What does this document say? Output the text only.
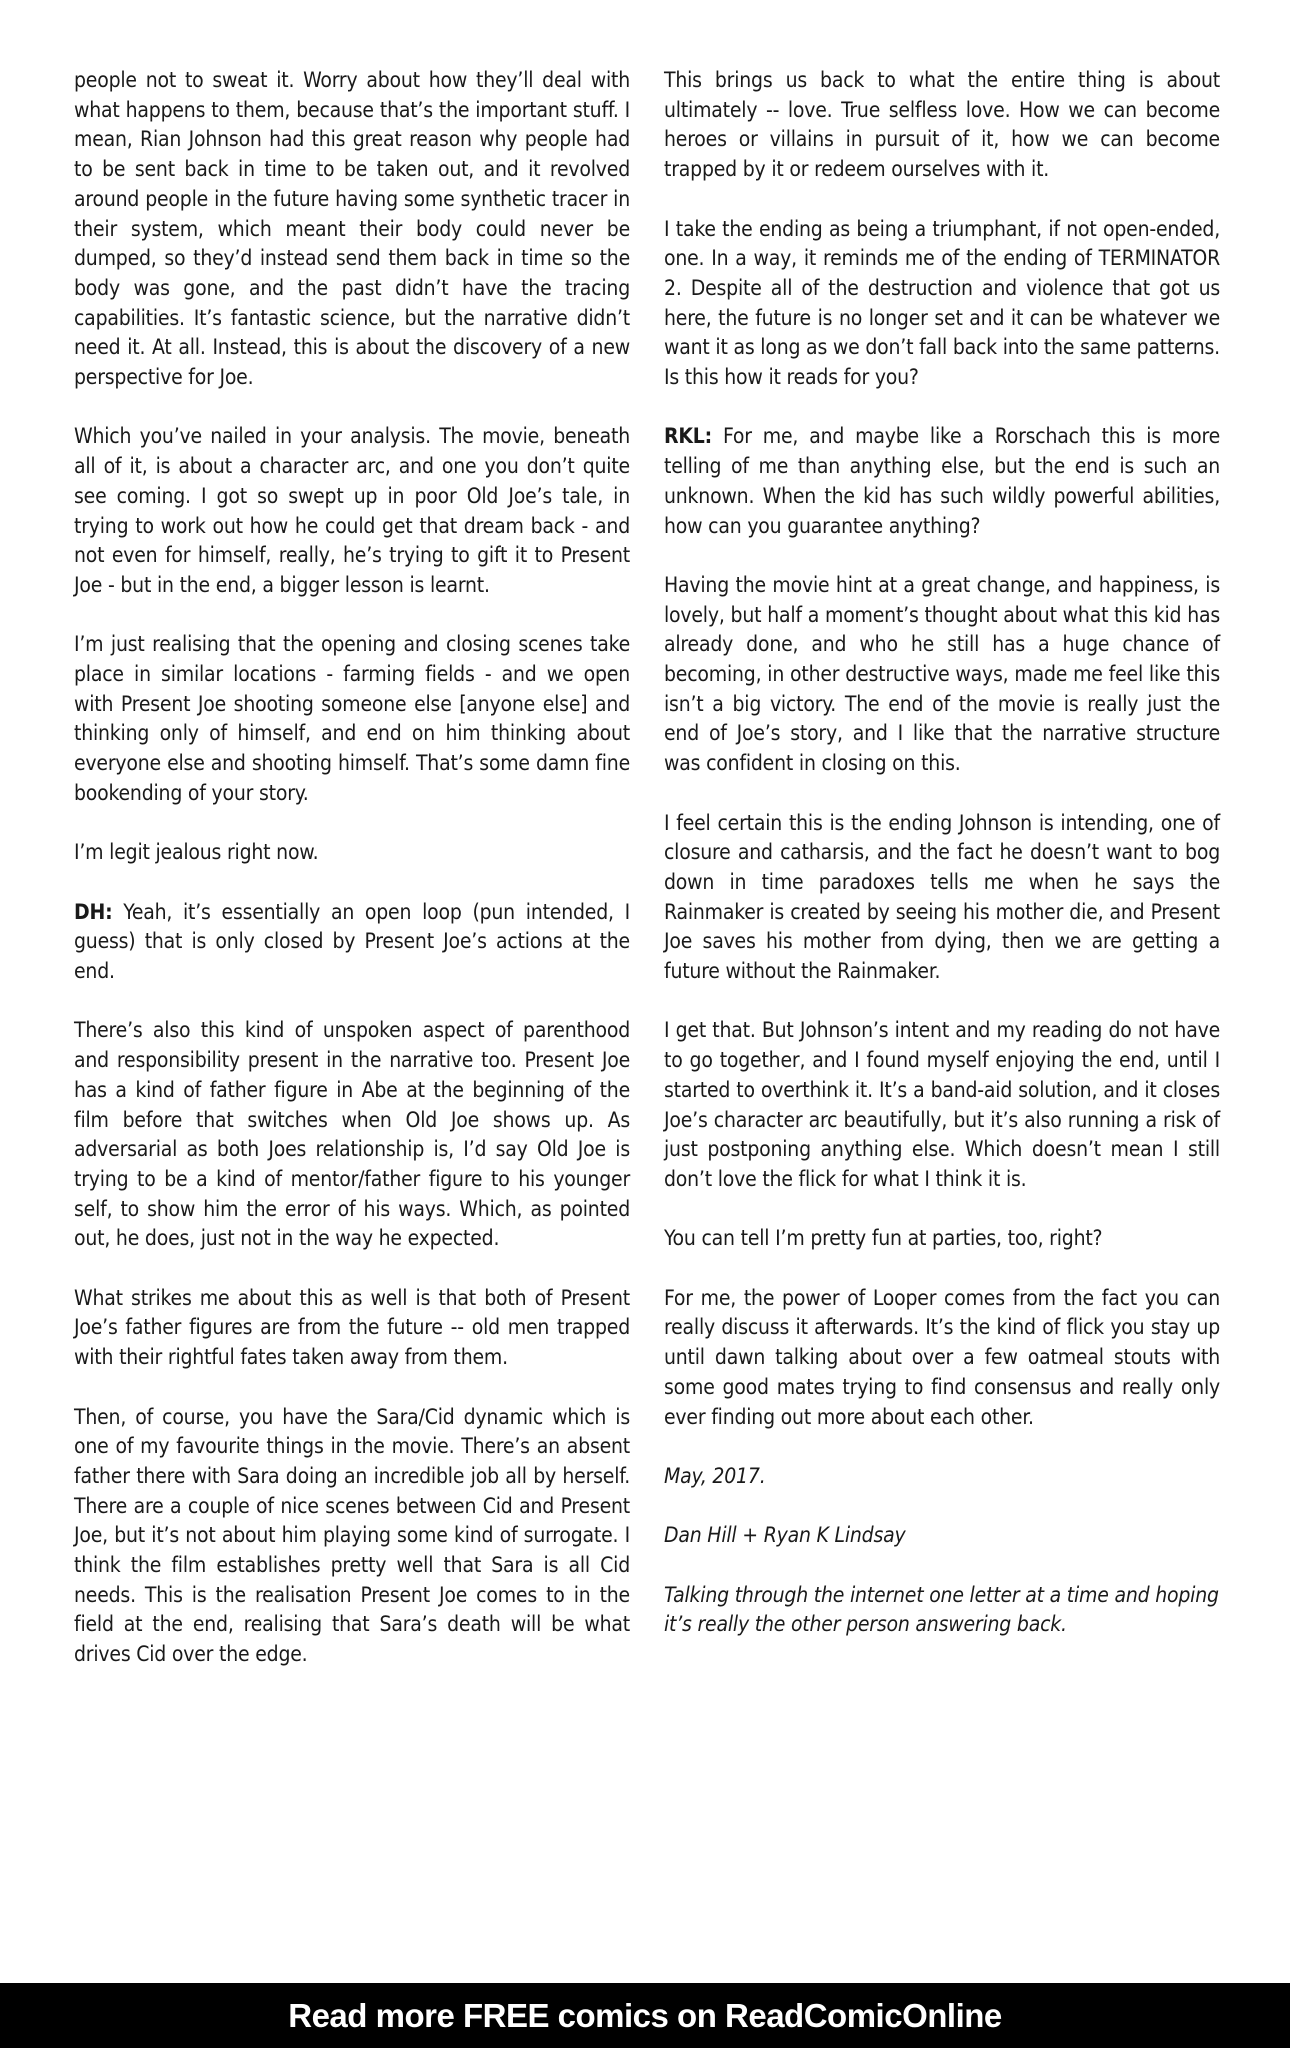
people not to sweat it. Worry about how they’ll deal with what happens to them, because that’s the important stuff. I mean, Rian Johnson had this great reason why people had to be sent back in time to be taken out, and it revolved around people in the future having some synthetic tracer in their system, which meant their body could never be dumped, so they’d instead send them back in time so the body was gone, and the past didn’t have the tracing capabilities. It’s fantastic science, but the narrative didn’t need it. At all. Instead, this is about the discovery of a new perspective for Joe.

Which you’ve nailed in your analysis. The movie, beneath all of it, is about a character arc, and one you don’t quite see coming. I got so swept up in poor Old Joe’s tale, in trying to work out how he could get that dream back - and not even for himself, really, he’s trying to gift it to Present Joe - but in the end, a bigger lesson is learnt.

I’m just realising that the opening and closing scenes take place in similar locations - farming fields - and we open with Present Joe shooting someone else [anyone else] and thinking only of himself, and end on him thinking about everyone else and shooting himself. That’s some damn fine bookending of your story.

I’m legit jealous right now.

DH: Yeah, it’s essentially an open loop (pun intended, I guess) that is only closed by Present Joe’s actions at the end.

There’s also this kind of unspoken aspect of parenthood and responsibility present in the narrative too. Present Joe has a kind of father figure in Abe at the beginning of the film before that switches when Old Joe shows up. As adversarial as both Joes relationship is, I’d say Old Joe is trying to be a kind of mentor/father figure to his younger self, to show him the error of his ways. Which, as pointed out, he does, just not in the way he expected.

What strikes me about this as well is that both of Present Joe’s father figures are from the future -- old men trapped with their rightful fates taken away from them.

Then, of course, you have the Sara/Cid dynamic which is one of my favourite things in the movie. There’s an absent father there with Sara doing an incredible job all by herself. There are a couple of nice scenes between Cid and Present Joe, but it’s not about him playing some kind of surrogate. I think the film establishes pretty well that Sara is all Cid needs. This is the realisation Present Joe comes to in the field at the end, realising that Sara’s death will be what drives Cid over the edge.

This brings us back to what the entire thing is about ultimately -- love. True selfless love. How we can become heroes or villains in pursuit of it, how we can become trapped by it or redeem ourselves with it.

I take the ending as being a triumphant, if not open-ended, one. In a way, it reminds me of the ending of TERMINATOR 2. Despite all of the destruction and violence that got us here, the future is no longer set and it can be whatever we want it as long as we don’t fall back into the same patterns. Is this how it reads for you?

RKL: For me, and maybe like a Rorschach this is more telling of me than anything else, but the end is such an unknown. When the kid has such wildly powerful abilities, how can you guarantee anything?

Having the movie hint at a great change, and happiness, is lovely, but half a moment’s thought about what this kid has already done, and who he still has a huge chance of becoming, in other destructive ways, made me feel like this isn’t a big victory. The end of the movie is really just the end of Joe’s story, and I like that the narrative structure was confident in closing on this.

I feel certain this is the ending Johnson is intending, one of closure and catharsis, and the fact he doesn’t want to bog down in time paradoxes tells me when he says the Rainmaker is created by seeing his mother die, and Present Joe saves his mother from dying, then we are getting a future without the Rainmaker.

I get that. But Johnson’s intent and my reading do not have to go together, and I found myself enjoying the end, until I started to overthink it. It’s a band-aid solution, and it closes Joe’s character arc beautifully, but it’s also running a risk of just postponing anything else. Which doesn’t mean I still don’t love the flick for what I think it is.

You can tell I’m pretty fun at parties, too, right?

For me, the power of Looper comes from the fact you can really discuss it afterwards. It’s the kind of flick you stay up until dawn talking about over a few oatmeal stouts with some good mates trying to find consensus and really only ever finding out more about each other.

May, 2017.

Dan Hill + Ryan K Lindsay

Talking through the internet one letter at a time and hoping it’s really the other person answering back.

Read more FREE comics on ReadComicOnline
